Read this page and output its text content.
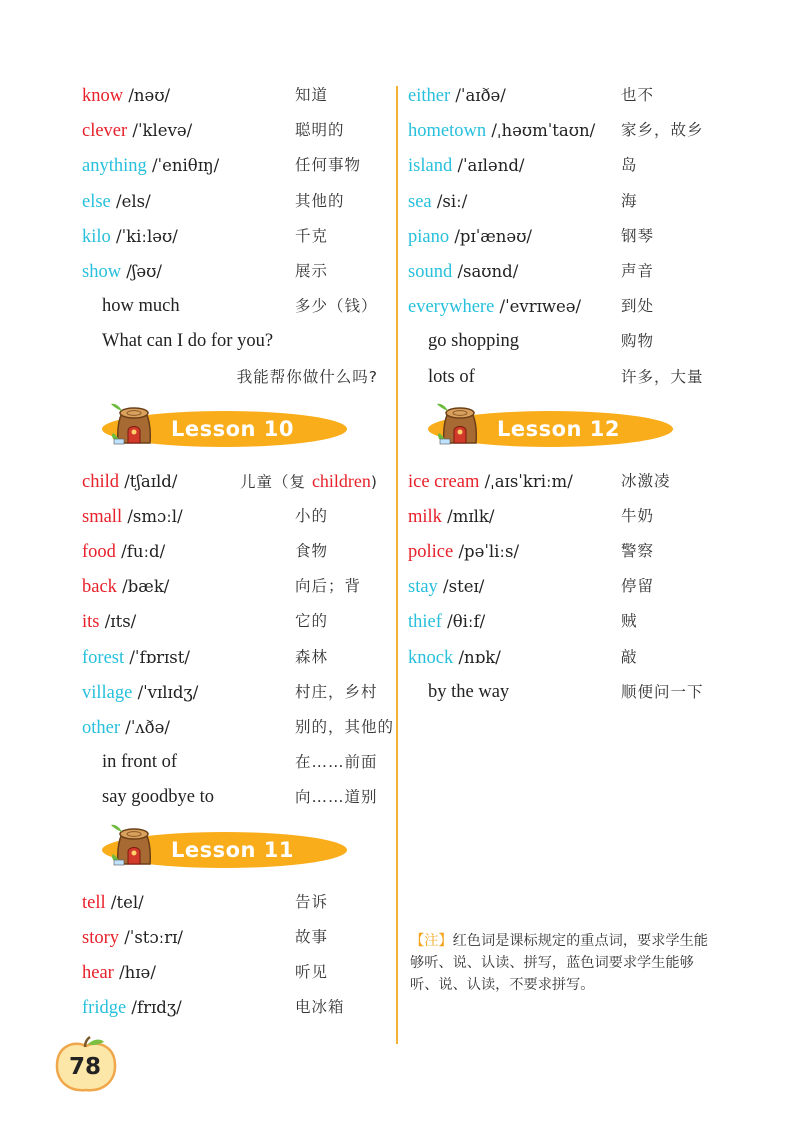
know /nəʊ/	知道
clever /ˈklevə/	聪明的
anything /ˈeniθɪŋ/	任何事物
else /els/	其他的
kilo /ˈkiːləʊ/	千克
show /ʃəʊ/	展示
how much	多少（钱）
What can I do for you?
我能帮你做什么吗?
Lesson 10
child /tʃaɪld/	儿童（复 children)
small /smɔːl/	小的
food /fuːd/	食物
back /bæk/	向后；背
its /ɪts/	它的
forest /ˈfɒrɪst/	森林
village /ˈvɪlɪdʒ/	村庄，乡村
other /ˈʌðə/	别的，其他的
in front of	在……前面
say goodbye to	向……道别
Lesson 11
tell /tel/	告诉
story /ˈstɔːrɪ/	故事
hear /hɪə/	听见
fridge /frɪdʒ/	电冰箱
either /ˈaɪðə/	也不
hometown /ˌhəʊmˈtaʊn/ 家乡，故乡
island /ˈaɪlənd/	岛
sea /siː/	海
piano /pɪˈænəʊ/	钢琴
sound /saʊnd/	声音
everywhere /ˈevrɪweə/	到处
go shopping	购物
lots of	许多，大量
Lesson 12
ice cream /ˌaɪsˈkriːm/	冰激凌
milk /mɪlk/	牛奶
police /pəˈliːs/	警察
stay /steɪ/	停留
thief /θiːf/	贼
knock /nɒk/	敲
by the way	顺便问一下
【注】红色词是课标规定的重点词，要求学生能够听、说、认读、拼写，蓝色词要求学生能够听、说、认读，不要求拼写。
78
